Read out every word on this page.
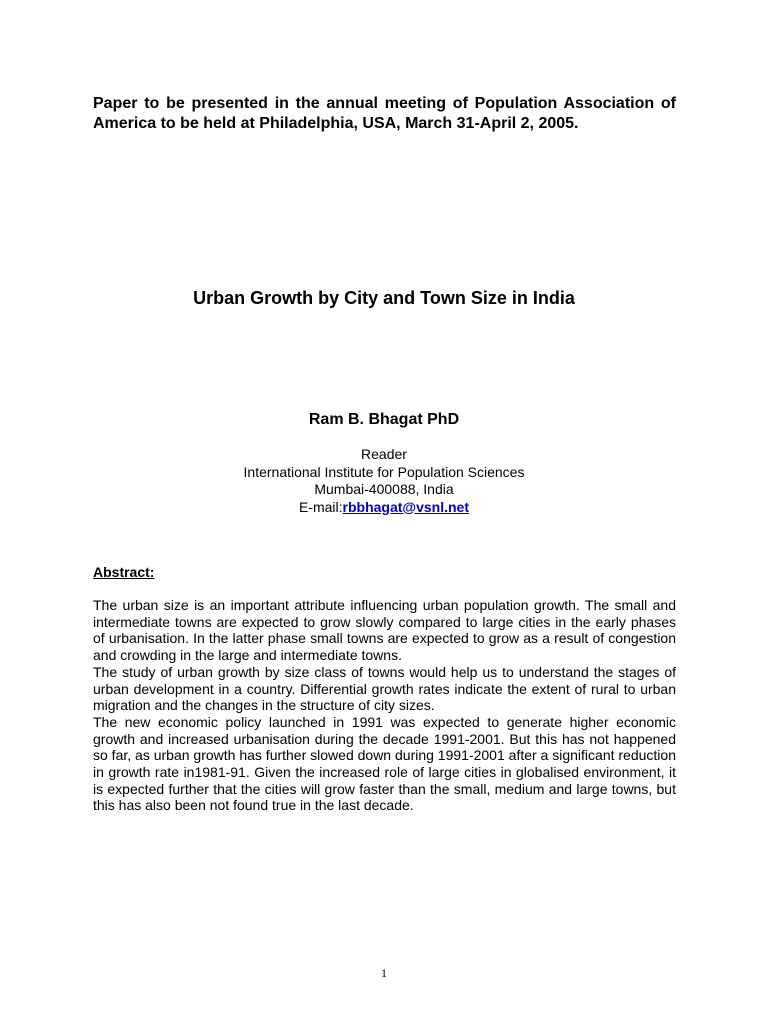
Paper to be presented in the annual meeting of Population Association of America to be held at Philadelphia, USA, March 31-April 2, 2005.

Urban Growth by City and Town Size in India

Ram B. Bhagat PhD

Reader
International Institute for Population Sciences
Mumbai-400088, India
E-mail:rbbhagat@vsnl.net

Abstract:

The urban size is an important attribute influencing urban population growth. The small and intermediate towns are expected to grow slowly compared to large cities in the early phases of urbanisation. In the latter phase small towns are expected to grow as a result of congestion and crowding in the large and intermediate towns.

The study of urban growth by size class of towns would help us to understand the stages of urban development in a country. Differential growth rates indicate the extent of rural to urban migration and the changes in the structure of city sizes.

The new economic policy launched in 1991 was expected to generate higher economic growth and increased urbanisation during the decade 1991-2001. But this has not happened so far, as urban growth has further slowed down during 1991-2001 after a significant reduction in growth rate in1981-91. Given the increased role of large cities in globalised environment, it is expected further that the cities will grow faster than the small, medium and large towns, but this has also been not found true in the last decade.

1
